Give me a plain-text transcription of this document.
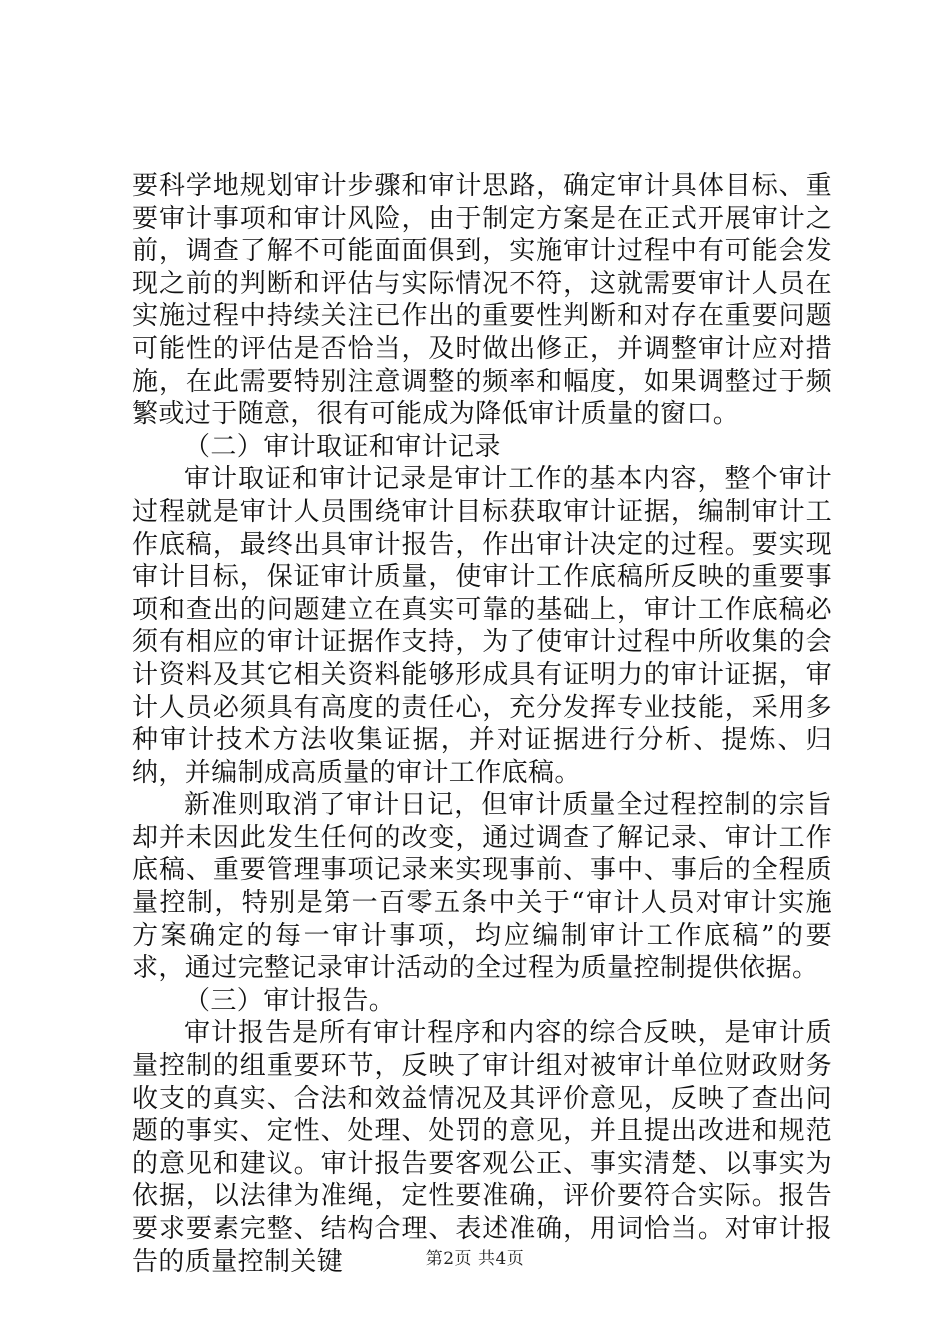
要科学地规划审计步骤和审计思路，确定审计具体目标、重要审计事项和审计风险，由于制定方案是在正式开展审计之前，调查了解不可能面面俱到，实施审计过程中有可能会发现之前的判断和评估与实际情况不符，这就需要审计人员在实施过程中持续关注已作出的重要性判断和对存在重要问题可能性的评估是否恰当，及时做出修正，并调整审计应对措施，在此需要特别注意调整的频率和幅度，如果调整过于频繁或过于随意，很有可能成为降低审计质量的窗口。

（二）审计取证和审计记录

审计取证和审计记录是审计工作的基本内容，整个审计过程就是审计人员围绕审计目标获取审计证据，编制审计工作底稿，最终出具审计报告，作出审计决定的过程。要实现审计目标，保证审计质量，使审计工作底稿所反映的重要事项和查出的问题建立在真实可靠的基础上，审计工作底稿必须有相应的审计证据作支持，为了使审计过程中所收集的会计资料及其它相关资料能够形成具有证明力的审计证据，审计人员必须具有高度的责任心，充分发挥专业技能，采用多种审计技术方法收集证据，并对证据进行分析、提炼、归纳，并编制成高质量的审计工作底稿。

新准则取消了审计日记，但审计质量全过程控制的宗旨却并未因此发生任何的改变，通过调查了解记录、审计工作底稿、重要管理事项记录来实现事前、事中、事后的全程质量控制，特别是第一百零五条中关于“审计人员对审计实施方案确定的每一审计事项，均应编制审计工作底稿”的要求，通过完整记录审计活动的全过程为质量控制提供依据。

（三）审计报告。

审计报告是所有审计程序和内容的综合反映，是审计质量控制的组重要环节，反映了审计组对被审计单位财政财务收支的真实、合法和效益情况及其评价意见，反映了查出问题的事实、定性、处理、处罚的意见，并且提出改进和规范的意见和建议。审计报告要客观公正、事实清楚、以事实为依据，以法律为准绳，定性要准确，评价要符合实际。报告要求要素完整、结构合理、表述准确，用词恰当。对审计报告的质量控制关键	第2页 共4页
